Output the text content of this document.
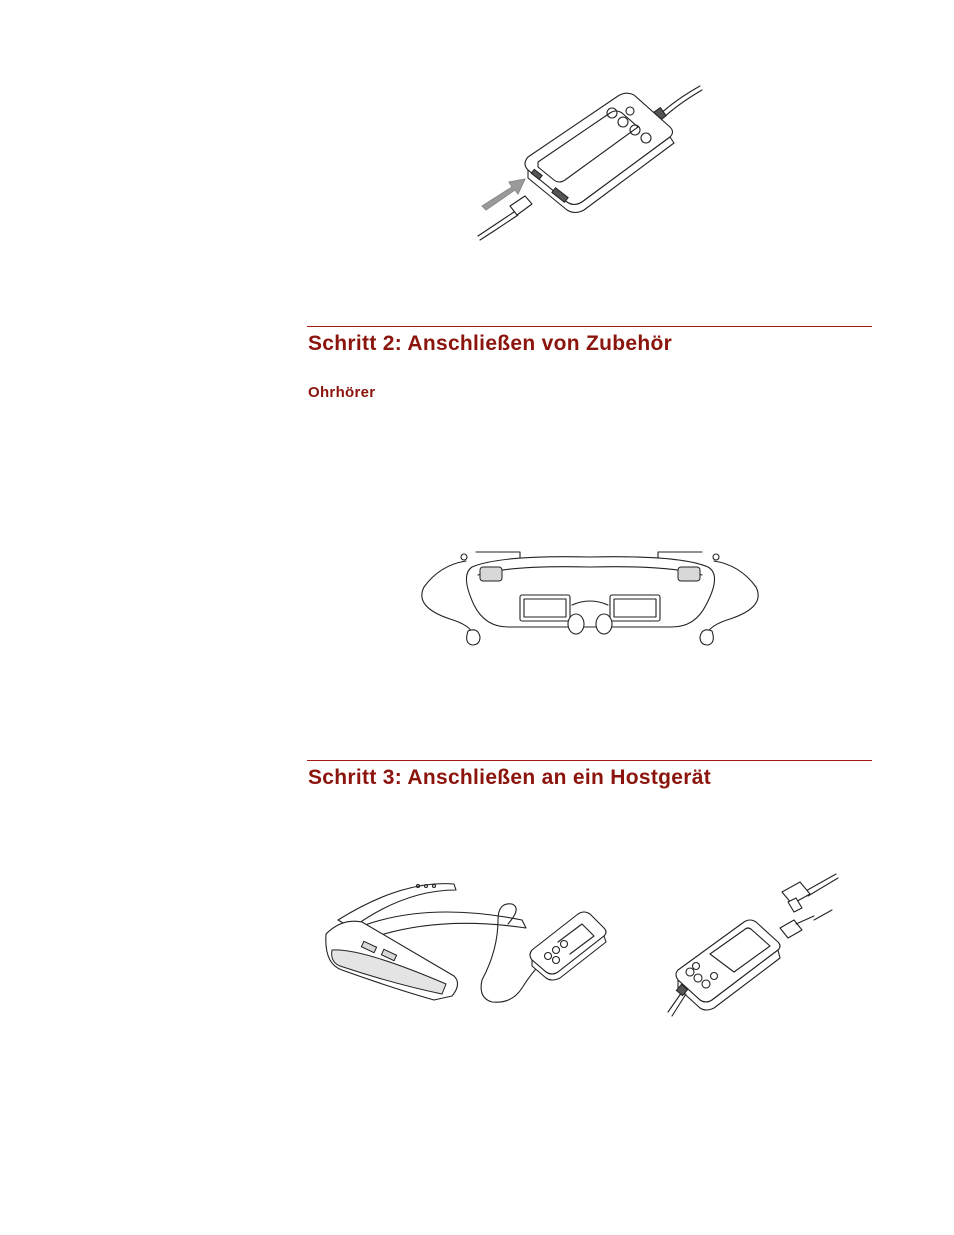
Schritt 2: Anschließen von Zubehör
Ohrhörer
Schritt 3: Anschließen an ein Hostgerät
